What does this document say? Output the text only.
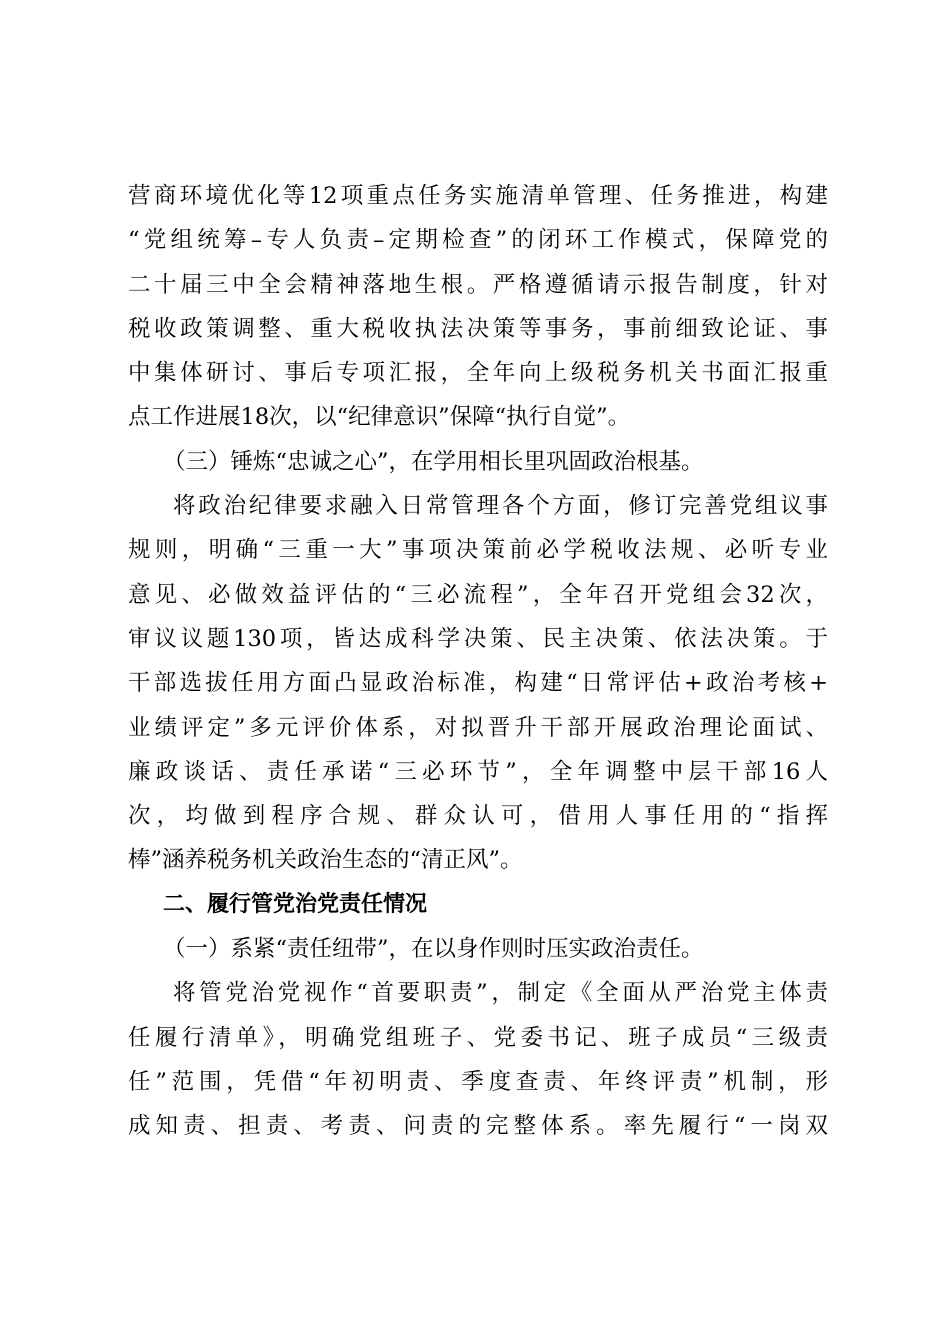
营商环境优化等12项重点任务实施清单管理、任务推进，构建
“党组统筹–专人负责–定期检查”的闭环工作模式，保障党的
二十届三中全会精神落地生根。严格遵循请示报告制度，针对
税收政策调整、重大税收执法决策等事务，事前细致论证、事
中集体研讨、事后专项汇报，全年向上级税务机关书面汇报重
点工作进展18次，以“纪律意识”保障“执行自觉”。
（三）锤炼“忠诚之心”，在学用相长里巩固政治根基。
将政治纪律要求融入日常管理各个方面，修订完善党组议事
规则，明确“三重一大”事项决策前必学税收法规、必听专业
意见、必做效益评估的“三必流程”，全年召开党组会32次，
审议议题130项，皆达成科学决策、民主决策、依法决策。于
干部选拔任用方面凸显政治标准，构建“日常评估+政治考核+
业绩评定”多元评价体系，对拟晋升干部开展政治理论面试、
廉政谈话、责任承诺“三必环节”，全年调整中层干部16人
次，均做到程序合规、群众认可，借用人事任用的“指挥
棒”涵养税务机关政治生态的“清正风”。
二、履行管党治党责任情况
（一）系紧“责任纽带”，在以身作则时压实政治责任。
将管党治党视作“首要职责”，制定《全面从严治党主体责
任履行清单》，明确党组班子、党委书记、班子成员“三级责
任”范围，凭借“年初明责、季度查责、年终评责”机制，形
成知责、担责、考责、问责的完整体系。率先履行“一岗双
